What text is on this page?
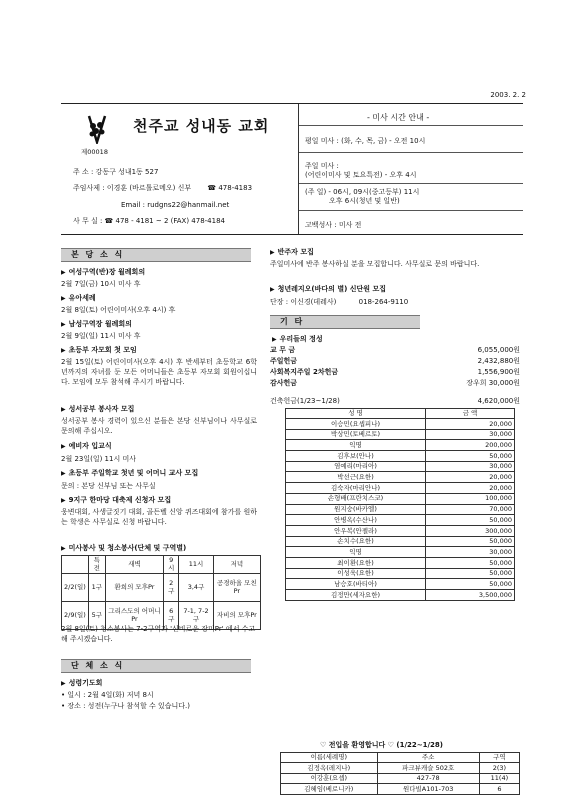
2003. 2. 2
천주교 성내동 교회
제00018
주 소 : 강동구 성내1동 527
주임사제 : 이경훈 (바르톨로메오) 신부 ☎ 478-4183
Email : rudgns22@hanmail.net
사 무 실 : ☎ 478 - 4181 ~ 2 (FAX) 478-4184
- 미사 시간 안내 -
평일 미사 : (화, 수, 목, 금) - 오전 10시
주일 미사 :
(어린이미사 및 토요특전) - 오후 4시
(주 일) - 06시, 09시(중고등부) 11시
오후 6시(청년 및 일반)
고백성사 : 미사 전
본 당 소 식
▶ 여성구역(반)장 월례회의
2월 7일(금) 10시 미사 후
▶ 유아세례
2월 8일(토) 어린이미사(오후 4시) 후
▶ 남성구역장 월례회의
2월 9일(일) 11시 미사 후
▶ 초등부 자모회 첫 모임
2월 15일(토) 어린이미사(오후 4시) 후 반세부터 초등학교 6학년까지의 자녀를 둔 모든 어머니들은 초등부 자모회 회원이십니다. 모임에 모두 참석해 주시기 바랍니다.
▶ 성서공부 봉사자 모집
성서공부 봉사 경력이 있으신 분들은 본당 신부님이나 사무실로 문의해 주십시오.
▶ 예비자 입교식
2월 23일(일) 11시 미사
▶ 초등부 주일학교 첫년 및 어머니 교사 모집
문의 : 본당 신부님 또는 사무실
▶ 9지구 한마당 대축제 신청자 모집
웅변대회, 사생글짓기 대회, 골든벨 신앙 퀴즈대회에 참가를 원하는 학생은 사무실로 신청 바랍니다.
▶ 미사봉사 및 청소봉사(단체 및 구역별)
	특전	새벽	9시	11시	저녁
2/2(일)	1구	환희의 모후Pr	2구	3,4구	공경하올 모친Pr
2/9(일)	5구	그리스도의 어머니Pr	6구	7-1, 7-2구	자비의 모후Pr
2월 8일(토) 청소봉사는 7-2구역과 '신비로운 장미Pr' 에서 수고해 주시겠습니다.
단 체 소 식
▶ 성령기도회
• 일시 : 2월 4일(화) 저녁 8시
• 장소 : 성전(누구나 참석할 수 있습니다.)
▶ 반주자 모집
주일미사에 반주 봉사하실 분을 모집합니다. 사무실로 문의 바랍니다.
▶ 청년레지오(바다의 별) 신단원 모집
단장 : 이신경(데레사)          018-264-9110
기 타
▶ 우리들의 정성
교 무 금	6,055,000원
주일헌금	2,432,880원
사회복지주일 2차헌금	1,556,900원
감사헌금	장우희 30,000원
건축헌금(1/23~1/28)	4,620,000원
성 명	금 액
이승민(요셉피나)	20,000
박상민(토베르토)	30,000
익명	200,000
김후보(안나)	50,000
염예리(마리아)	30,000
박선근(요한)	20,000
김숙자(마리안나)	20,000
손형배(프란치스코)	100,000
원지숭(바카엘)	70,000
안병옥(수산나)	50,000
안우복(안젤라)	300,000
손치수(요한)	50,000
익명	30,000
최이환(요한)	50,000
이성욱(요한)	50,000
남승호(바티아)	50,000
김정만(세자요한)	3,500,000
♡ 전입을 환영합니다 ♡ (1/22~1/28)
이름(세례명)	주소	구역
김정옥(레지나)	파크뷰캐슬 502호	2(3)
이강훈(요셉)	427-78	11(4)
김혜임(베로니카)	원다빌A101-703	6
